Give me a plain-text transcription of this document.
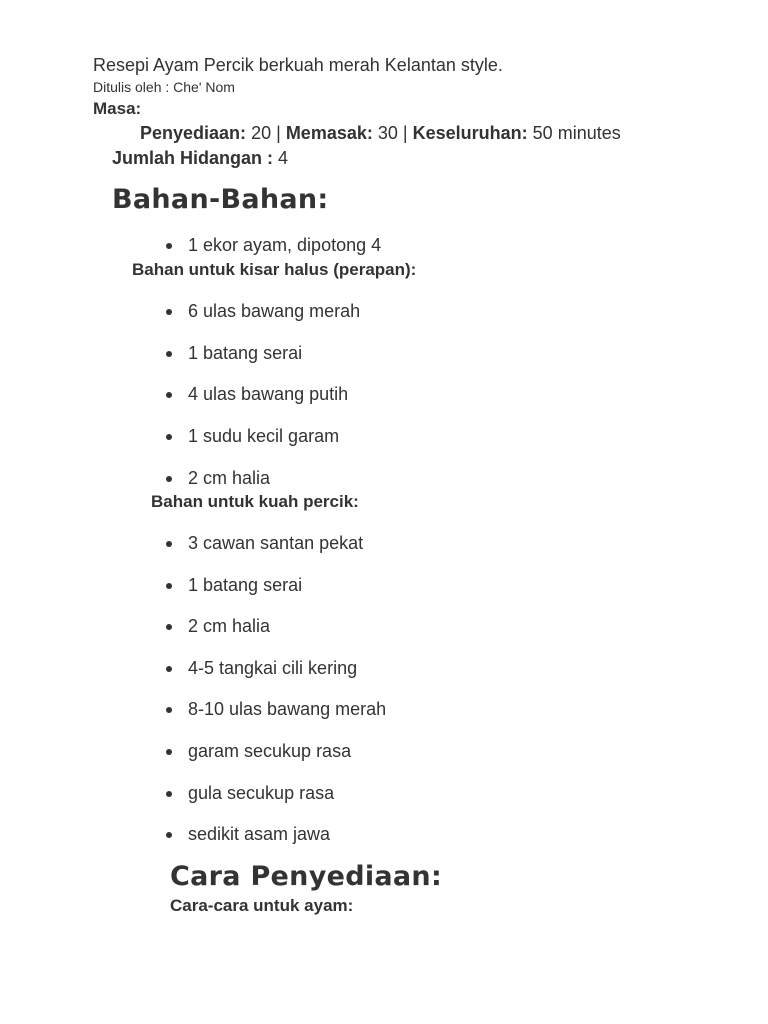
Resepi Ayam Percik berkuah merah Kelantan style.
Ditulis oleh : Che' Nom
Masa:
Penyediaan: 20 | Memasak: 30 | Keseluruhan: 50 minutes
Jumlah Hidangan : 4
Bahan-Bahan:
1 ekor ayam, dipotong 4
Bahan untuk kisar halus (perapan):
6 ulas bawang merah
1 batang serai
4 ulas bawang putih
1 sudu kecil garam
2 cm halia
Bahan untuk kuah percik:
3 cawan santan pekat
1 batang serai
2 cm halia
4-5 tangkai cili kering
8-10 ulas bawang merah
garam secukup rasa
gula secukup rasa
sedikit asam jawa
Cara Penyediaan:
Cara-cara untuk ayam:
